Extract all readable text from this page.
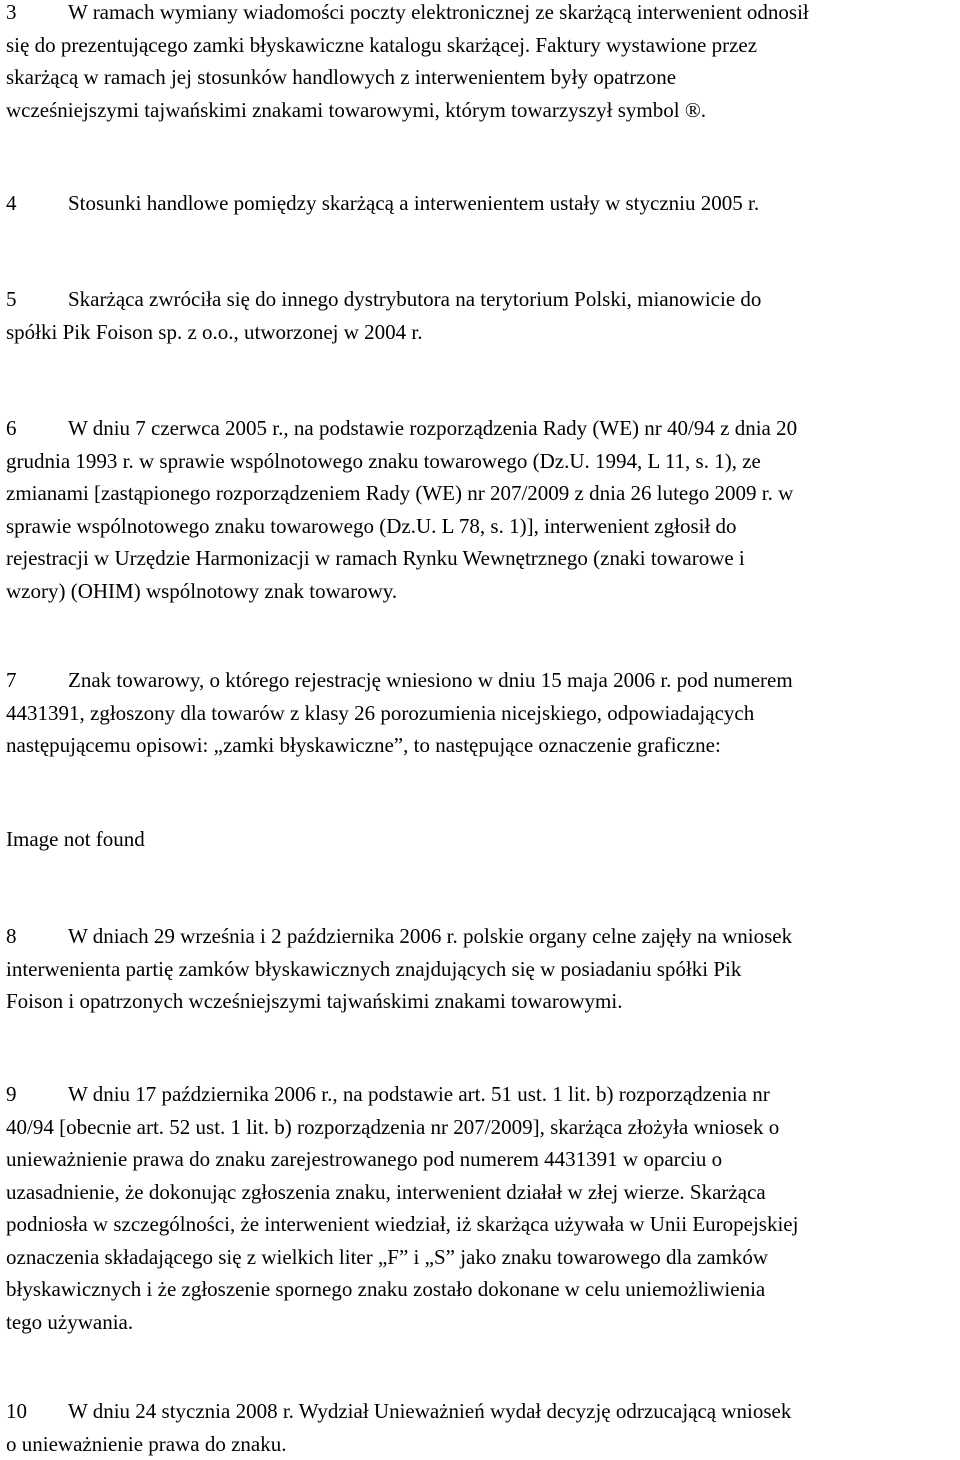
3 W ramach wymiany wiadomości poczty elektronicznej ze skarżącą interwenient odnosił
się do prezentującego zamki błyskawiczne katalogu skarżącej. Faktury wystawione przez
skarżącą w ramach jej stosunków handlowych z interwenientem były opatrzone
wcześniejszymi tajwańskimi znakami towarowymi, którym towarzyszył symbol ®.

4 Stosunki handlowe pomiędzy skarżącą a interwenientem ustały w styczniu 2005 r.

5 Skarżąca zwróciła się do innego dystrybutora na terytorium Polski, mianowicie do
spółki Pik Foison sp. z o.o., utworzonej w 2004 r.

6 W dniu 7 czerwca 2005 r., na podstawie rozporządzenia Rady (WE) nr 40/94 z dnia 20
grudnia 1993 r. w sprawie wspólnotowego znaku towarowego (Dz.U. 1994, L 11, s. 1), ze
zmianami [zastąpionego rozporządzeniem Rady (WE) nr 207/2009 z dnia 26 lutego 2009 r. w
sprawie wspólnotowego znaku towarowego (Dz.U. L 78, s. 1)], interwenient zgłosił do
rejestracji w Urzędzie Harmonizacji w ramach Rynku Wewnętrznego (znaki towarowe i
wzory) (OHIM) wspólnotowy znak towarowy.

7 Znak towarowy, o którego rejestrację wniesiono w dniu 15 maja 2006 r. pod numerem
4431391, zgłoszony dla towarów z klasy 26 porozumienia nicejskiego, odpowiadających
następującemu opisowi: „zamki błyskawiczne”, to następujące oznaczenie graficzne:

Image not found

8 W dniach 29 września i 2 października 2006 r. polskie organy celne zajęły na wniosek
interwenienta partię zamków błyskawicznych znajdujących się w posiadaniu spółki Pik
Foison i opatrzonych wcześniejszymi tajwańskimi znakami towarowymi.

9 W dniu 17 października 2006 r., na podstawie art. 51 ust. 1 lit. b) rozporządzenia nr
40/94 [obecnie art. 52 ust. 1 lit. b) rozporządzenia nr 207/2009], skarżąca złożyła wniosek o
unieważnienie prawa do znaku zarejestrowanego pod numerem 4431391 w oparciu o
uzasadnienie, że dokonując zgłoszenia znaku, interwenient działał w złej wierze. Skarżąca
podniosła w szczególności, że interwenient wiedział, iż skarżąca używała w Unii Europejskiej
oznaczenia składającego się z wielkich liter „F” i „S” jako znaku towarowego dla zamków
błyskawicznych i że zgłoszenie spornego znaku zostało dokonane w celu uniemożliwienia
tego używania.

10 W dniu 24 stycznia 2008 r. Wydział Unieważnień wydał decyzję odrzucającą wniosek
o unieważnienie prawa do znaku.
